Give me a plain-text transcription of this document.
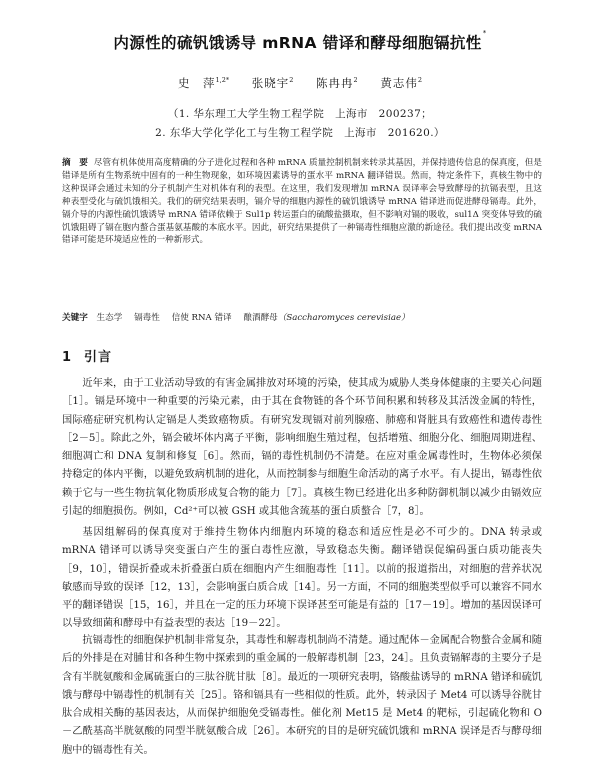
内源性的硫钒饿诱导 mRNA 错译和酵母细胞镉抗性*
史　萍$^{1,2*}$ 张晓宇$^2$ 陈冉冉$^2$ 黄志伟$^2$
（1. 华东理工大学生物工程学院　上海市　200237；
2. 东华大学化学化工与生物工程学院　上海市　201620.）
摘　要 尽管有机体使用高度精确的分子进化过程和各种 mRNA 质量控制机制来转录其基因，并保持遗传信息的保真度，但是错译是所有生物系统中固有的一种生物现象，如环境因素诱导的蛋水平 mRNA 翻译错误。然而，特定条件下，真核生物中的这种误译会通过未知的分子机制产生对机体有利的表型。在这里，我们发现增加 mRNA 误译率会导致酵母的抗镉表型，且这种表型受化与硫饥饿相关。我们的研究结果表明，镉介导的细胞内源性的硫饥饿诱导 mRNA 错译进而促进酵母镉毒。此外，镉介导的内源性硫饥饿诱导 mRNA 错译依赖于 Sul1p 转运蛋白的硫酸盐摄取，但不影响对镉的吸收，sul1Δ 突变体导致的硫饥饿阻碍了镉在胞内螯合蛋基氨基酸的本底水平。因此，研究结果提供了一种镉毒性细胞应激的新途径。我们提出改变 mRNA 错译可能是环境适应性的一种新形式。
关键字 生态学 镉毒性 信使 RNA 错译 酿酒酵母（Saccharomyces cerevisiae）
1 引言
近年来，由于工业活动导致的有害金属排放对环境的污染，使其成为威胁人类身体健康的主要关心问题［1］。镉是环境中一种重要的污染元素，由于其在食物链的各个环节间积累和转移及其活泼金属的特性，国际癌症研究机构认定镉是人类致癌物质。有研究发现镉对前列腺癌、肺癌和肾脏具有致癌性和遗传毒性［2－5］。除此之外，镉会破坏体内离子平衡，影响细胞生殖过程，包括增殖、细胞分化、细胞周期进程、细胞凋亡和 DNA 复制和修复［6］。然而，镉的毒性机制仍不清楚。在应对重金属毒性时，生物体必须保持稳定的体内平衡，以避免致病机制的进化，从而控制参与细胞生命活动的离子水平。有人提出，镉毒性依赖于它与一些生物抗氧化物质形成复合物的能力［7］。真核生物已经进化出多种防御机制以减少由镉效应引起的细胞损伤。例如，Cd²⁺可以被 GSH 或其他含巯基的蛋白质螯合［7，8］。
基因组解码的保真度对于维持生物体内细胞内环境的稳态和适应性是必不可少的。DNA 转录或 mRNA 错译可以诱导突变蛋白产生的蛋白毒性应激，导致稳态失衡。翻译错误促编码蛋白质功能丧失［9，10］，错误折叠或未折叠蛋白质在细胞内产生细胞毒性［11］。以前的报道指出，对细胞的营养状况敏感而导致的误译［12，13］，会影响蛋白质合成［14］。另一方面，不同的细胞类型似乎可以兼容不同水平的翻译错误［15，16］，并且在一定的压力环境下误译甚至可能是有益的［17－19］。增加的基因误译可以导致细菌和酵母中有益表型的表达［19－22］。
抗镉毒性的细胞保护机制非常复杂，其毒性和解毒机制尚不清楚。通过配体－金属配合物螯合金属和随后的外排是在对脯甘和各种生物中探索到的重金属的一般解毒机制［23，24］。且负责镉解毒的主要分子是含有半胱氨酸和金属硫蛋白的三肽谷胱甘肽［8］。最近的一项研究表明，铬酸盐诱导的 mRNA 错译和硫饥饿与酵母中镉毒性的机制有关［25］。铬和镉具有一些相似的性质。此外，转录因子 Met4 可以诱导谷胱甘肽合成相关酶的基因表达，从而保护细胞免受镉毒性。催化剂 Met15 是 Met4 的靶标，引起硫化物和 O－乙酰基高半胱氨酸的同型半胱氨酸合成［26］。本研究的目的是研究硫饥饿和 mRNA 误译是否与酵母细胞中的镉毒性有关。
